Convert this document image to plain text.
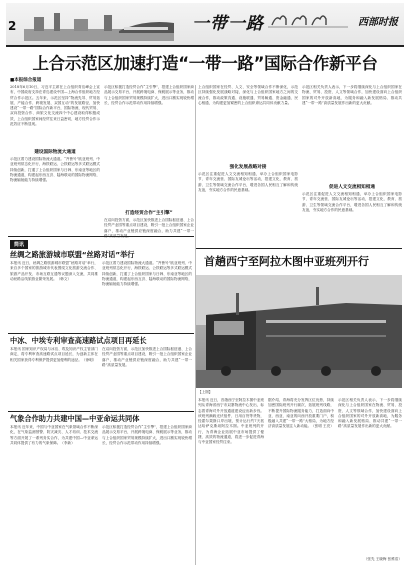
2	一带一路	西部时报
上合示范区加速打造“一带一路”国际合作新平台
■本报综合报道
2018年6月10日，习近平主席在上合组织青岛峰会上宣布，中国政府支持在青岛建设中国—上海合作组织地方经贸合作示范区。五年来，示范区坚持“物流先导、贸易拓展、产能合作、跨境发展、双园互动”的发展路径，加快建设“一带一路”国际合作新平台，国际物流、现代贸易、双向投资合作、商旅文化交流四个中心建设取得积极成效，上合组织国家间经贸往来日益密切，地方经贸合作示范效应不断显现。
建设国际物流大通道
示范区着力建设国际物流大通道。“齐鲁号”欧亚班列、中亚班列常态化开行，海铁联运、公铁联运等多式联运模式持续创新，打通了上合组织国家与日韩、东南亚等地区的物流通道，构建起东西互济、陆海联动的国际物流网络，物流辐射能力持续增强。
示范区积极打造经贸合作“主引擎”，搭建上合组织国家商品展示交易平台，开展跨境电商、保税展示等业务，推动与上合组织国家贸易规模持续扩大，进出口额实现较快增长，经贸合作示范带动作用持续增强。
打造经贸合作“主引擎”
在双向投资方面，示范区加快推进上合国际枢纽港、上合经贸产业园等重点项目建设，吸引一批上合组织国家企业落户，推动产业链供应链深度融合，助力共建“一带一
上合组织国家在经贸、人文、安全等领域合作不断深化，示范区持续强化发展战略对接，深化与上合组织国家地方之间的交流合作，推动政策沟通、设施联通、贸易畅通、资金融通、民心相通，为构建更加紧密的上合组织命运共同体贡献力量。
强化发展战略对接
示范区注重促进人文交流相知相通，举办上合组织国家电影节、青年交流营、国际友城论坛等活动，搭建文化、教育、旅游、卫生等领域交流合作平台，增进各国人民相互了解和传统友谊，夯实地方合作的民意基础。	促进人文交流相知相通
示范区相关负责人表示，下一步将继续深化与上合组织国家在物流、贸易、投资、人文等领域合作，加快建设面向上合组织国家的对外开放新高地，为服务和融入新发展格局、推动共建“一带一路”高质量发展作出新的更大贡献。
示范区注重促进人文交流相知相通，举办上合组织国家电影节、青年交流营、国际友城论坛等活动，搭建文化、教育、旅游、卫生等领域交流合作平台，增进各国人民相互了解和传统友谊，夯实地方合作的民意基础。
简讯
丝绸之路旅游城市联盟“丝路对话”举行
本报讯 近日，丝绸之路旅游城市联盟“丝路对话”举行，来自多个国家的旅游城市代表围绕文化旅游交流合作、旅游产品开发、市场互联互通等议题深入交流，共同推动丝路沿线旅游业繁荣发展。（韩文）
示范区着力建设国际物流大通道。“齐鲁号”欧亚班列、中亚班列常态化开行，海铁联运、公铁联运等多式联运模式持续创新，打通了上合组织国家与日韩、东南亚等地区的物流通道，构建起东西互济、陆海联动的国际物流网络，物流辐射能力持续增强。
中冰、中埃专利审查高速路试点项目再延长
本报讯 国家知识产权局与冰岛、埃及知识产权主管部门商定，将专利审查高速路试点项目延长，为创新主体在相关国家获得专利保护提供更加便利的途径。（徐明）
在双向投资方面，示范区加快推进上合国际枢纽港、上合经贸产业园等重点项目建设，吸引一批上合组织国家企业落户，推动产业链供应链深度融合，助力共建“一带一路”高质量发展。
气象合作助力共建中国—中亚命运共同体
本报讯 近年来，中国与中亚国家在气象领域合作不断深化，在气象监测预警、防灾减灾、人才培训、技术交流等方面开展了一系列务实合作，为共建中国—中亚命运共同体提供了有力的气象保障。（李新）
示范区积极打造经贸合作“主引擎”，搭建上合组织国家商品展示交易平台，开展跨境电商、保税展示等业务，推动与上合组织国家贸易规模持续扩大，进出口额实现较快增长，经贸合作示范带动作用持续增强。
首趟西宁至阿拉木图中亚班列开行
【上图】
本报讯 近日，首趟西宁至阿拉木图中亚班列从青海省西宁市双寨物流中心发出，标志着青海对外开放通道建设迈出新步伐。该班列满载光伏组件、日用百货等货物，经霍尔果斯口岸出境，预计运行约7天抵达哈萨克斯坦阿拉木图。中亚班列的开行，为青海企业拓展中亚市场提供了便捷、高效的物流通道，将进一步促进青海与中亚国家经贸往来。
据介绍，青海将充分发挥区位优势，持续加密国际班列开行频次，拓展班列线路，不断提升国际物流服务能力，打造面向中亚、西亚、南亚的向西开放重要门户，积极融入共建“一带一路”大格局，为地方经济高质量发展注入新动能。（张明 王亮）
示范区相关负责人表示，下一步将继续深化与上合组织国家在物流、贸易、投资、人文等领域合作，加快建设面向上合组织国家的对外开放新高地，为服务和融入新发展格局、推动共建“一带一路”高质量发展作出新的更大贡献。
（张先 王晓梅 张维浩）
